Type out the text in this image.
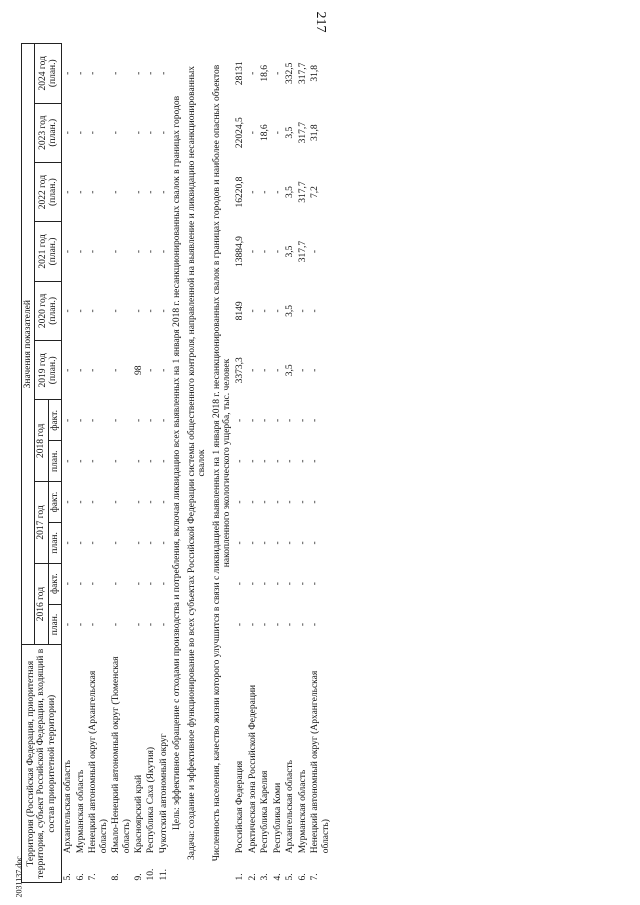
217
2031137.doc
Территория (Российская Федерация, приоритетная территория, субъект Российской Федерации, входящий в состав приоритетной территории)		Значения показателей											
		2016 год		2017 год		2018 год		2019 год (план.)	2020 год (план.)	2021 год (план.)	2022 год (план.)	2023 год (план.)	2024 год (план.)
		план.	факт.	план.	факт.	план.	факт.						
5.	Архангельская область	-	-	-	-	-	-	-	-	-	-	-	-
6.	Мурманская область	-	-	-	-	-	-	-	-	-	-	-	-
7.	Ненецкий автономный округ (Архангельская область)	-	-	-	-	-	-	-	-	-	-	-	-
8.	Ямало-Ненецкий автономный округ (Тюменская область)	-	-	-	-	-	-	-	-	-	-	-	-
9.	Красноярский край	-	-	-	-	-	-	98	-	-	-	-	-
10.	Республика Саха (Якутия)	-	-	-	-	-	-	-	-	-	-	-	-
11.	Чукотский автономный округ	-	-	-	-	-	-	-	-	-	-	-	-
Цель: эффективное обращение с отходами производства и потребления, включая ликвидацию всех выявленных на 1 января 2018 г. несанкционированных свалок в границах городов													
Задача: создание и эффективное функционирование во всех субъектах Российской Федерации системы общественного контроля, направленной на выявление и ликвидацию несанкционированных свалок													
Численность населения, качество жизни которого улучшится в связи с ликвидацией выявленных на 1 января 2018 г. несанкционированных свалок в границах городов и наиболее опасных объектов накопленного экологического ущерба, тыс. человек													
1.	Российская Федерация	-	-	-	-	-	-	3373,3	8149	13884,9	16220,8	22024,5	28131
2.	Арктическая зона Российской Федерации	-	-	-	-	-	-	-	-	-	-	-	-
3.	Республика Карелия	-	-	-	-	-	-	-	-	-	-	18,6	18,6
4.	Республика Коми	-	-	-	-	-	-	-	-	-	-	-	-
5.	Архангельская область	-	-	-	-	-	-	3,5	3,5	3,5	3,5	3,5	332,5
6.	Мурманская область	-	-	-	-	-	-	-	-	317,7	317,7	317,7	317,7
7.	Ненецкий автономный округ (Архангельская область)	-	-	-	-	-	-	-	-	-	7,2	31,8	31,8
